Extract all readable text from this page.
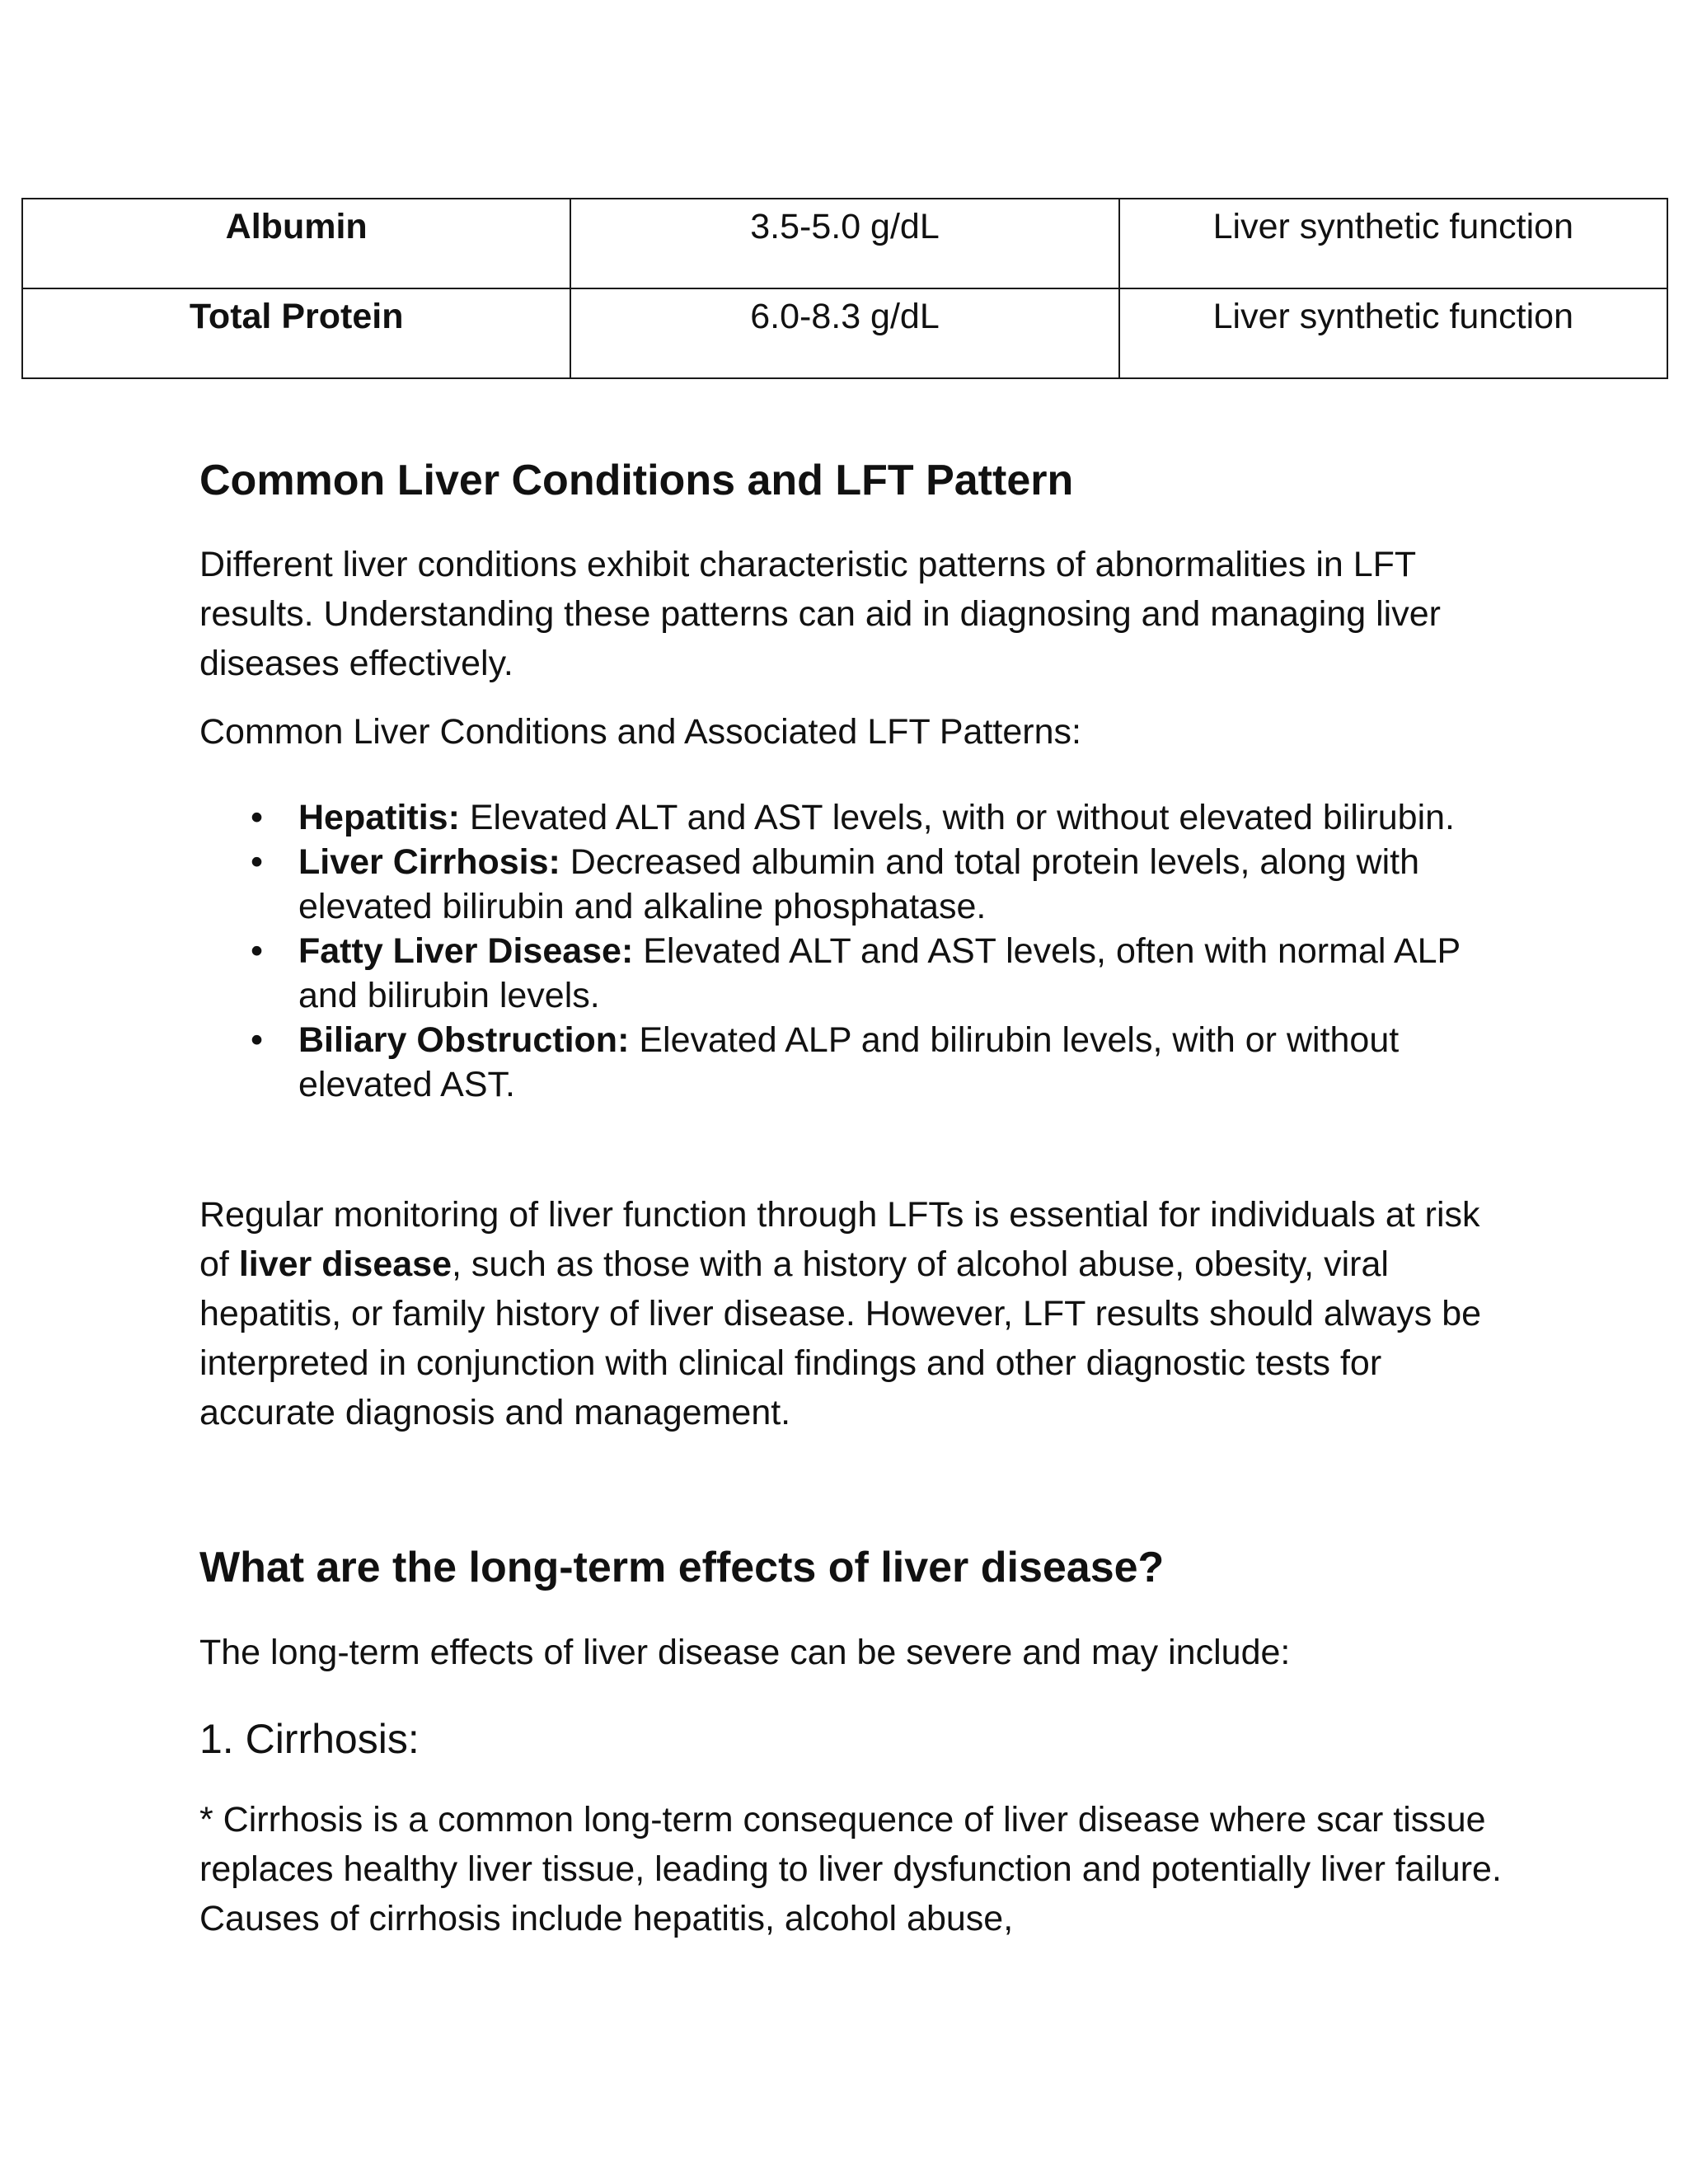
Albumin	3.5-5.0 g/dL	Liver synthetic function
Total Protein	6.0-8.3 g/dL	Liver synthetic function
Common Liver Conditions and LFT Pattern

Different liver conditions exhibit characteristic patterns of abnormalities in LFT results. Understanding these patterns can aid in diagnosing and managing liver diseases effectively.

Common Liver Conditions and Associated LFT Patterns:

• Hepatitis: Elevated ALT and AST levels, with or without elevated bilirubin.
• Liver Cirrhosis: Decreased albumin and total protein levels, along with elevated bilirubin and alkaline phosphatase.
• Fatty Liver Disease: Elevated ALT and AST levels, often with normal ALP and bilirubin levels.
• Biliary Obstruction: Elevated ALP and bilirubin levels, with or without elevated AST.

Regular monitoring of liver function through LFTs is essential for individuals at risk of liver disease, such as those with a history of alcohol abuse, obesity, viral hepatitis, or family history of liver disease. However, LFT results should always be interpreted in conjunction with clinical findings and other diagnostic tests for accurate diagnosis and management.

What are the long-term effects of liver disease?

The long-term effects of liver disease can be severe and may include:

1. Cirrhosis:

* Cirrhosis is a common long-term consequence of liver disease where scar tissue replaces healthy liver tissue, leading to liver dysfunction and potentially liver failure. Causes of cirrhosis include hepatitis, alcohol abuse,
